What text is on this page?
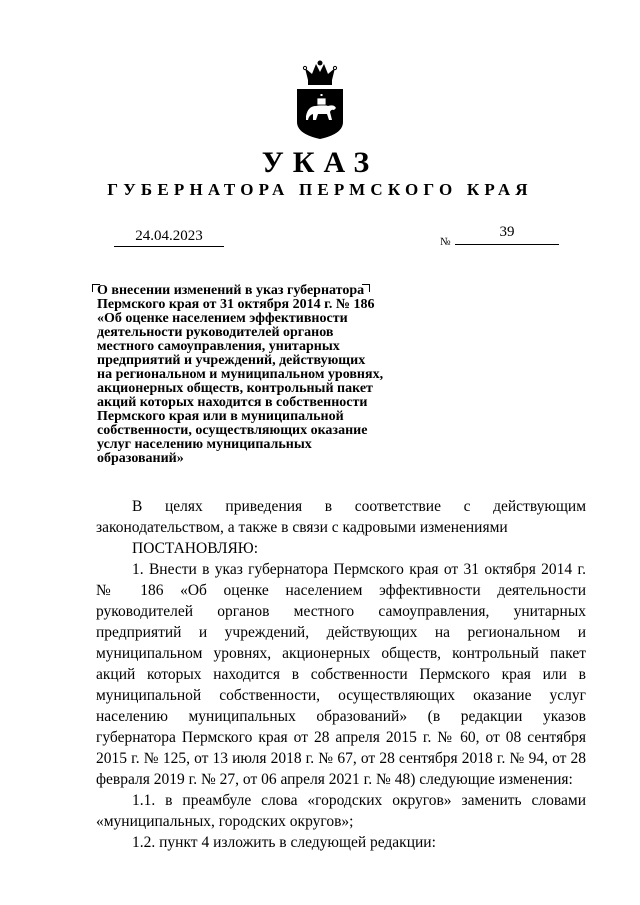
УКАЗ
ГУБЕРНАТОРА ПЕРМСКОГО КРАЯ
24.04.2023	№
39
О внесении изменений в указ губернатора
Пермского края от 31 октября 2014 г. № 186
«Об оценке населением эффективности
деятельности руководителей органов
местного самоуправления, унитарных
предприятий и учреждений, действующих
на региональном и муниципальном уровнях,
акционерных обществ, контрольный пакет
акций которых находится в собственности
Пермского края или в муниципальной
собственности, осуществляющих оказание
услуг населению муниципальных
образований»

В целях приведения в соответствие с действующим законодательством, а также в связи с кадровыми изменениями

ПОСТАНОВЛЯЮ:

1. Внести в указ губернатора Пермского края от 31 октября 2014 г. № 186 «Об оценке населением эффективности деятельности руководителей органов местного самоуправления, унитарных предприятий и учреждений, действующих на региональном и муниципальном уровнях, акционерных обществ, контрольный пакет акций которых находится в собственности Пермского края или в муниципальной собственности, осуществляющих оказание услуг населению муниципальных образований» (в редакции указов губернатора Пермского края от 28 апреля 2015 г. № 60, от 08 сентября 2015 г. № 125, от 13 июля 2018 г. № 67, от 28 сентября 2018 г. № 94, от 28 февраля 2019 г. № 27, от 06 апреля 2021 г. № 48) следующие изменения:

1.1. в преамбуле слова «городских округов» заменить словами «муниципальных, городских округов»;

1.2. пункт 4 изложить в следующей редакции:
